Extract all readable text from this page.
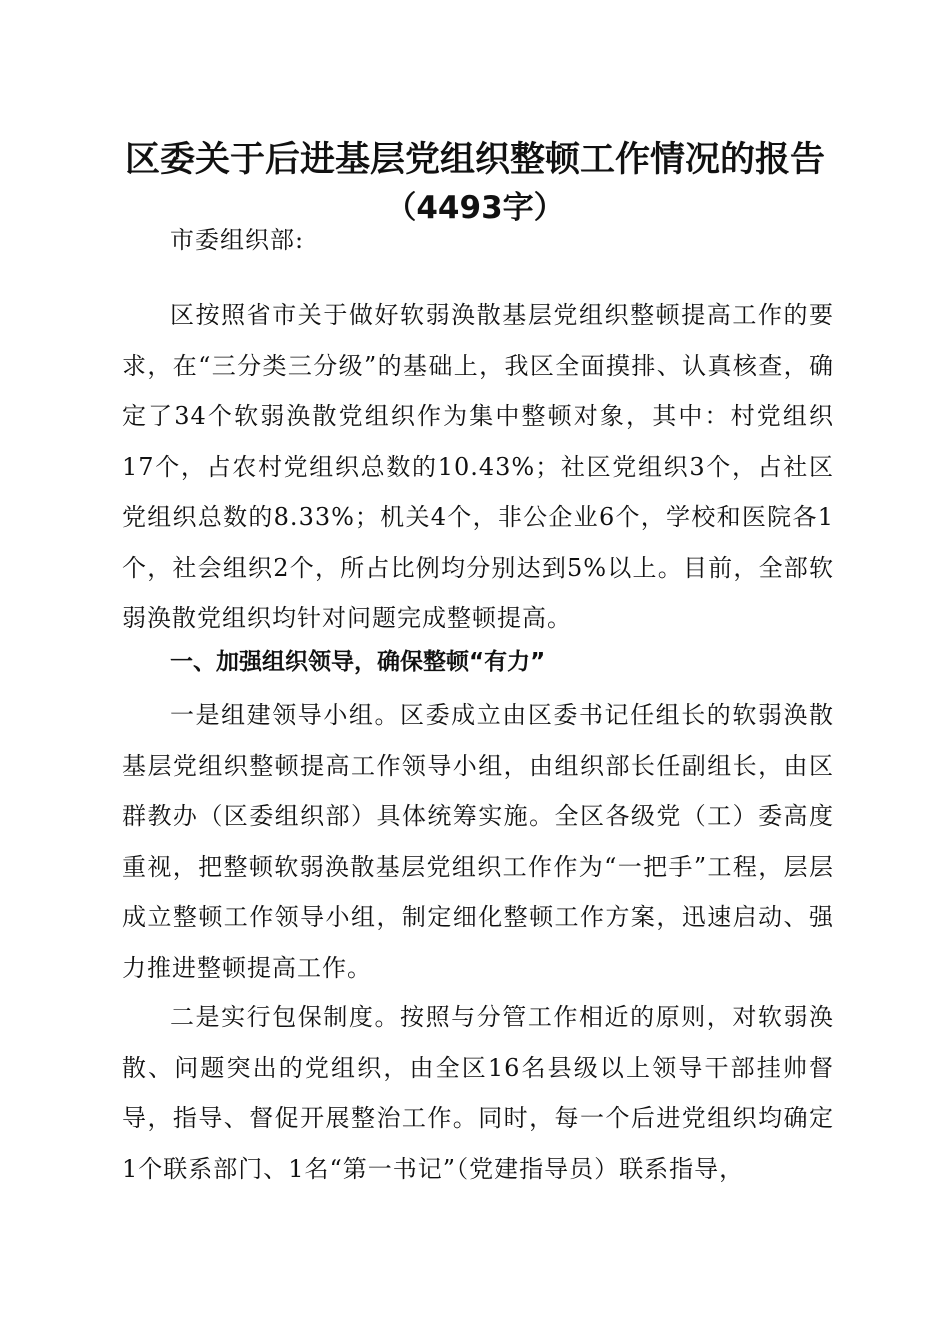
区委关于后进基层党组织整顿工作情况的报告
（4493字）

市委组织部:

区按照省市关于做好软弱涣散基层党组织整顿提高工作的要求，在“三分类三分级”的基础上，我区全面摸排、认真核查，确定了34个软弱涣散党组织作为集中整顿对象，其中：村党组织17个，占农村党组织总数的10.43%；社区党组织3个，占社区党组织总数的8.33%；机关4个，非公企业6个，学校和医院各1个，社会组织2个，所占比例均分别达到5%以上。目前，全部软弱涣散党组织均针对问题完成整顿提高。

一、加强组织领导，确保整顿“有力”

一是组建领导小组。区委成立由区委书记任组长的软弱涣散基层党组织整顿提高工作领导小组，由组织部长任副组长，由区群教办（区委组织部）具体统筹实施。全区各级党（工）委高度重视，把整顿软弱涣散基层党组织工作作为“一把手”工程，层层成立整顿工作领导小组，制定细化整顿工作方案，迅速启动、强力推进整顿提高工作。

二是实行包保制度。按照与分管工作相近的原则，对软弱涣散、问题突出的党组织，由全区16名县级以上领导干部挂帅督导，指导、督促开展整治工作。同时，每一个后进党组织均确定1个联系部门、1名“第一书记”（党建指导员）联系指导，
